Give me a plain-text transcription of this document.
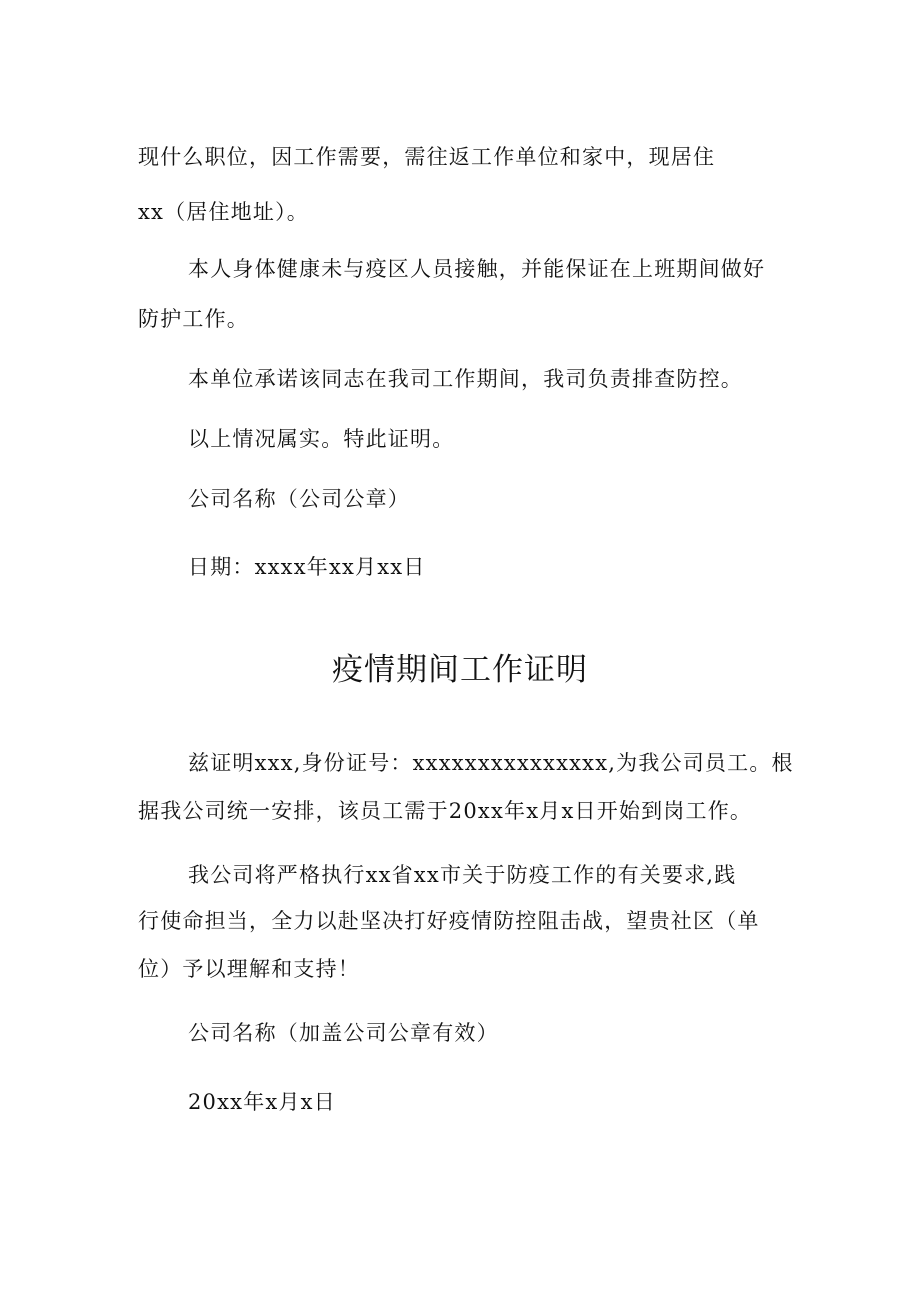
现什么职位，因工作需要，需往返工作单位和家中，现居住
xx（居住地址）。
本人身体健康未与疫区人员接触，并能保证在上班期间做好
防护工作。
本单位承诺该同志在我司工作期间，我司负责排查防控。
以上情况属实。特此证明。
公司名称（公司公章）
日期：xxxx年xx月xx日
疫情期间工作证明
兹证明xxx,身份证号：xxxxxxxxxxxxxxx,为我公司员工。根
据我公司统一安排，该员工需于20xx年x月x日开始到岗工作。
我公司将严格执行xx省xx市关于防疫工作的有关要求,践
行使命担当，全力以赴坚决打好疫情防控阻击战，望贵社区（单
位）予以理解和支持！
公司名称（加盖公司公章有效）
20xx年x月x日
